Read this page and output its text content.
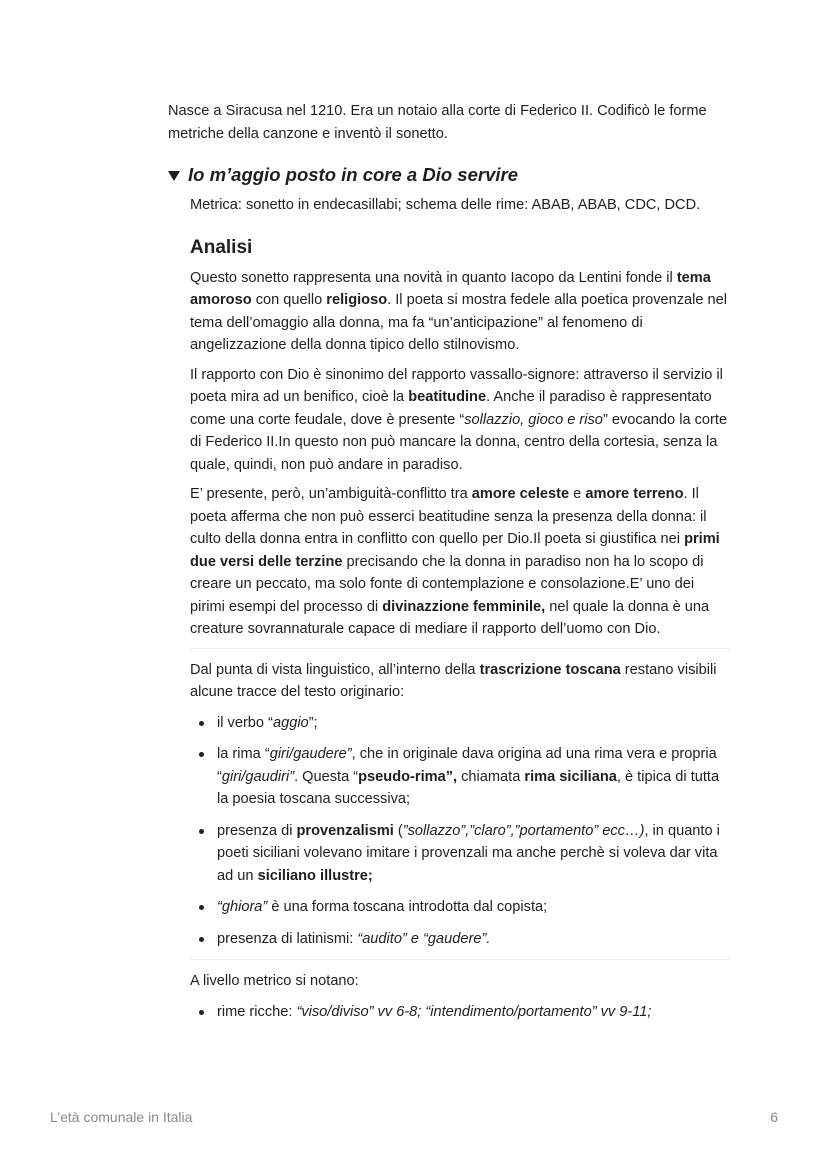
Nasce a Siracusa nel 1210. Era un notaio alla corte di Federico II. Codificò le forme metriche della canzone e inventò il sonetto.

Io m’aggio posto in core a Dio servire

Metrica: sonetto in endecasillabi; schema delle rime: ABAB, ABAB, CDC, DCD.

Analisi

Questo sonetto rappresenta una novità in quanto Iacopo da Lentini fonde il tema amoroso con quello religioso. Il poeta si mostra fedele alla poetica provenzale nel tema dell’omaggio alla donna, ma fa “un’anticipazione” al fenomeno di angelizzazione della donna tipico dello stilnovismo.

Il rapporto con Dio è sinonimo del rapporto vassallo-signore: attraverso il servizio il poeta mira ad un benifico, cioè la beatitudine. Anche il paradiso è rappresentato come una corte feudale, dove è presente “sollazzio, gioco e riso” evocando la corte di Federico II.In questo non può mancare la donna, centro della cortesia, senza la quale, quindi, non può andare in paradiso.

E’ presente, però, un’ambiguità-conflitto tra amore celeste e amore terreno. Il poeta afferma che non può esserci beatitudine senza la presenza della donna: il culto della donna entra in conflitto con quello per Dio.Il poeta si giustifica nei primi due versi delle terzine precisando che la donna in paradiso non ha lo scopo di creare un peccato, ma solo fonte di contemplazione e consolazione.E’ uno dei pirimi esempi del processo di divinazzione femminile, nel quale la donna è una creature sovrannaturale capace di mediare il rapporto dell’uomo con Dio.

Dal punta di vista linguistico, all’interno della trascrizione toscana restano visibili alcune tracce del testo originario:

il verbo “aggio”;
la rima “giri/gaudere”, che in originale dava origina ad una rima vera e propria “giri/gaudiri”. Questa “pseudo-rima”, chiamata rima siciliana, è tipica di tutta la poesia toscana successiva;
presenza di provenzalismi (”sollazzo”,”claro”,”portamento” ecc…), in quanto i poeti siciliani volevano imitare i provenzali ma anche perchè si voleva dar vita ad un siciliano illustre;
“ghiora” è una forma toscana introdotta dal copista;
presenza di latinismi: “audito” e “gaudere”.

A livello metrico si notano:

rime ricche: “viso/diviso” vv 6-8; “intendimento/portamento” vv 9-11;
L’età comunale in Italia	6
